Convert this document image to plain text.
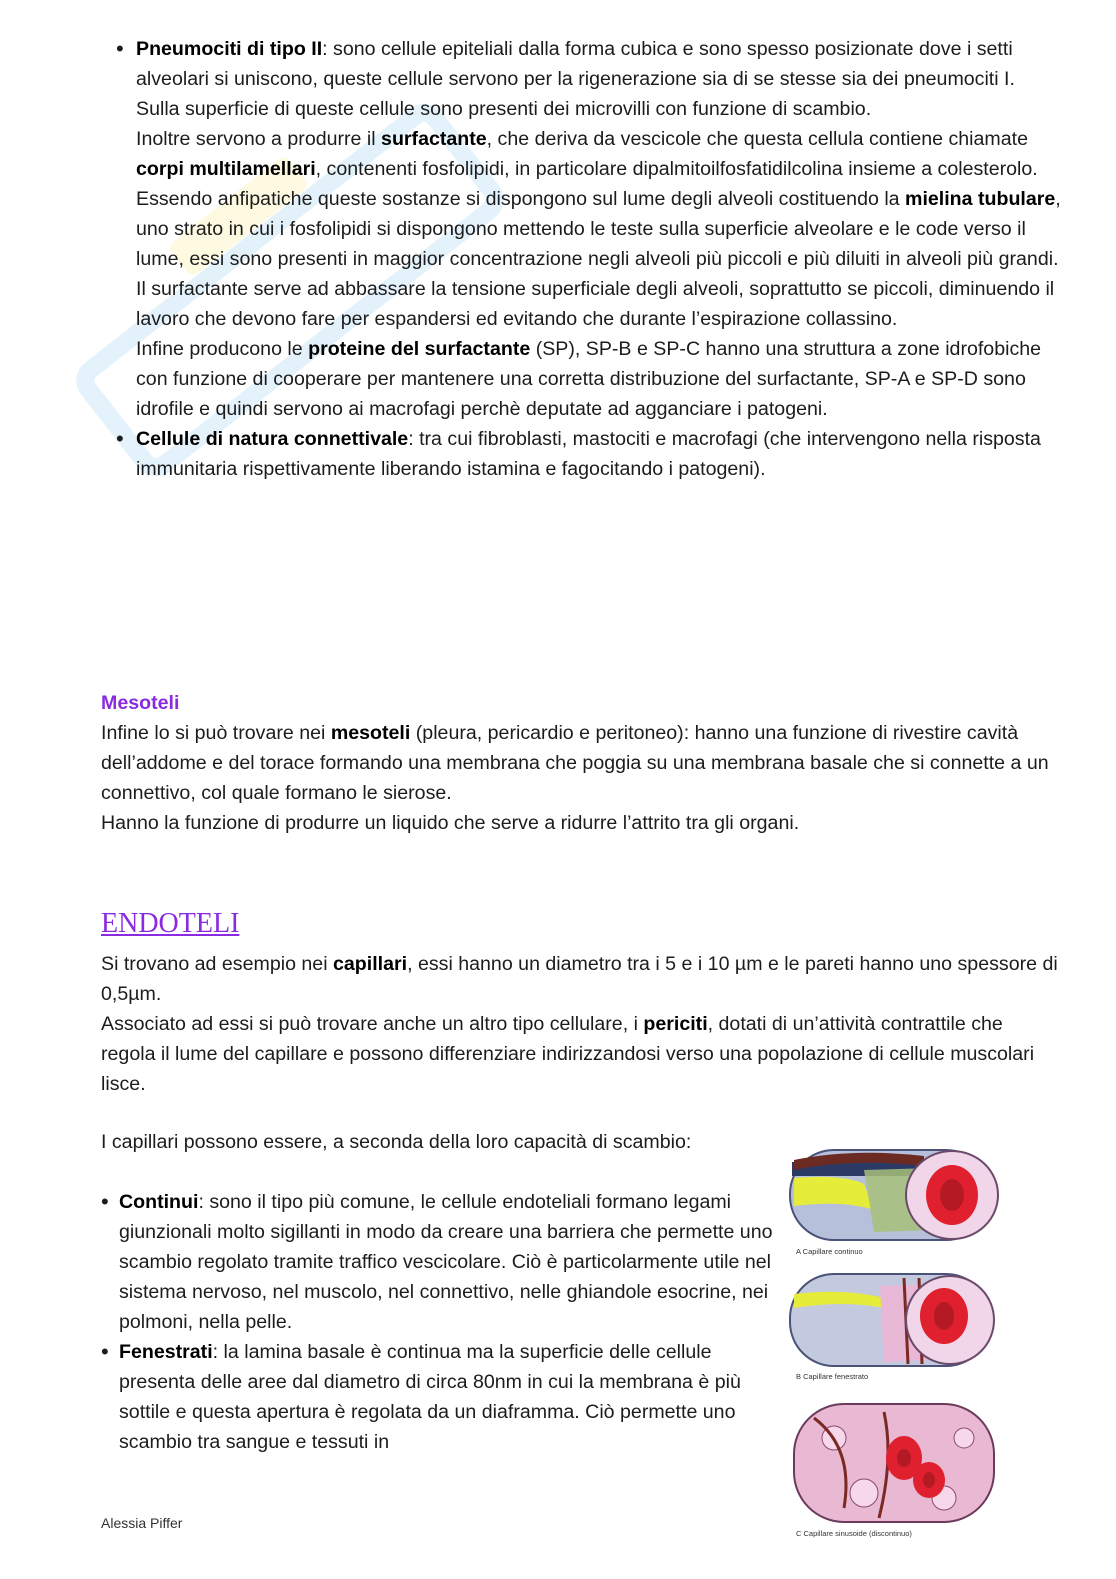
• Pneumociti di tipo II: sono cellule epiteliali dalla forma cubica e sono spesso posizionate dove i setti alveolari si uniscono, queste cellule servono per la rigenerazione sia di se stesse sia dei pneumociti I.
Sulla superficie di queste cellule sono presenti dei microvilli con funzione di scambio.
Inoltre servono a produrre il surfactante, che deriva da vescicole che questa cellula contiene chiamate corpi multilamellari, contenenti fosfolipidi, in particolare dipalmitoilfosfatidilcolina insieme a colesterolo.
Essendo anfipatiche queste sostanze si dispongono sul lume degli alveoli costituendo la mielina tubulare, uno strato in cui i fosfolipidi si dispongono mettendo le teste sulla superficie alveolare e le code verso il lume, essi sono presenti in maggior concentrazione negli alveoli più piccoli e più diluiti in alveoli più grandi.
Il surfactante serve ad abbassare la tensione superficiale degli alveoli, soprattutto se piccoli, diminuendo il lavoro che devono fare per espandersi ed evitando che durante l’espirazione collassino.
Infine producono le proteine del surfactante (SP), SP-B e SP-C hanno una struttura a zone idrofobiche con funzione di cooperare per mantenere una corretta distribuzione del surfactante, SP-A e SP-D sono idrofile e quindi servono ai macrofagi perchè deputate ad agganciare i patogeni.
• Cellule di natura connettivale: tra cui fibroblasti, mastociti e macrofagi (che intervengono nella risposta immunitaria rispettivamente liberando istamina e fagocitando i patogeni).
Mesoteli
Infine lo si può trovare nei mesoteli (pleura, pericardio e peritoneo): hanno una funzione di rivestire cavità dell’addome e del torace formando una membrana che poggia su una membrana basale che si connette a un connettivo, col quale formano le sierose.
Hanno la funzione di produrre un liquido che serve a ridurre l’attrito tra gli organi.
ENDOTELI
Si trovano ad esempio nei capillari, essi hanno un diametro tra i 5 e i 10 µm e le pareti hanno uno spessore di 0,5µm.
Associato ad essi si può trovare anche un altro tipo cellulare, i periciti, dotati di un’attività contrattile che regola il lume del capillare e possono differenziare indirizzandosi verso una popolazione di cellule muscolari lisce.
I capillari possono essere, a seconda della loro capacità di scambio:
• Continui: sono il tipo più comune, le cellule endoteliali formano legami giunzionali molto sigillanti in modo da creare una barriera che permette uno scambio regolato tramite traffico vescicolare. Ciò è particolarmente utile nel sistema nervoso, nel muscolo, nel connettivo, nelle ghiandole esocrine, nei polmoni, nella pelle.
• Fenestrati: la lamina basale è continua ma la superficie delle cellule presenta delle aree dal diametro di circa 80nm in cui la membrana è più sottile e questa apertura è regolata da un diaframma. Ciò permette uno scambio tra sangue e tessuti in
A Capillare continuo
B Capillare fenestrato
C Capillare sinusoide (discontinuo)
Alessia Piffer
